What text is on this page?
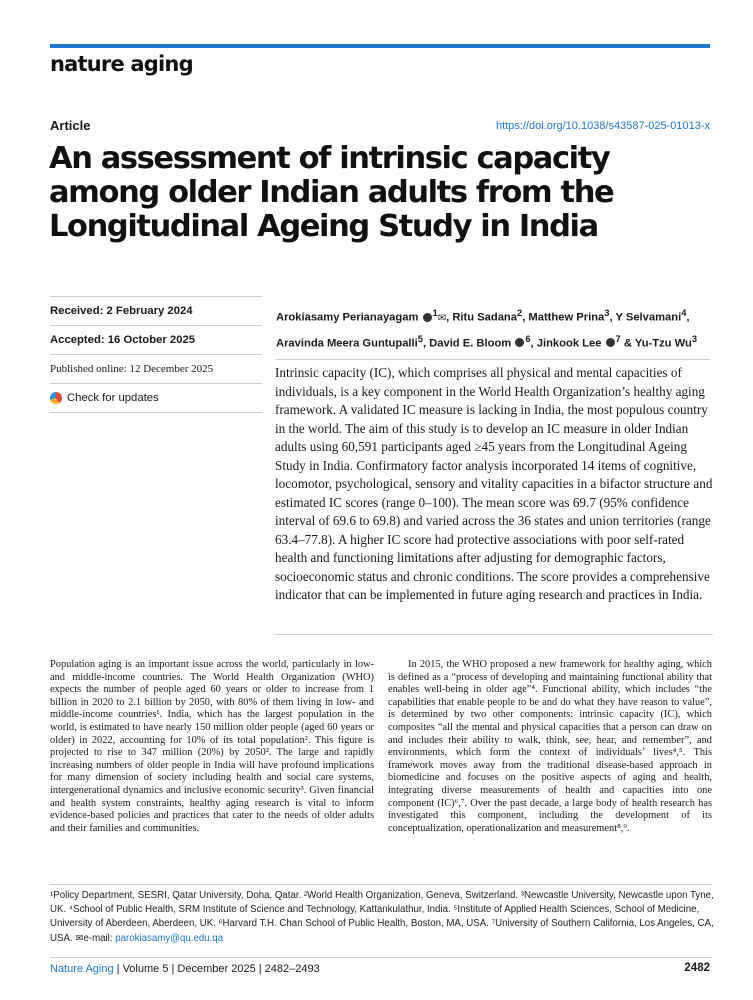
nature aging
Article	https://doi.org/10.1038/s43587-025-01013-x
An assessment of intrinsic capacity among older Indian adults from the Longitudinal Ageing Study in India
Received: 2 February 2024
Accepted: 16 October 2025
Published online: 12 December 2025
Check for updates
Arokiasamy Perianayagam $^1$✉, Ritu Sadana$^2$, Matthew Prina$^3$, Y Selvamani$^4$,
Aravinda Meera Guntupalli$^5$, David E. Bloom $^6$, Jinkook Lee $^7$ & Yu-Tzu Wu$^3$

Intrinsic capacity (IC), which comprises all physical and mental capacities of individuals, is a key component in the World Health Organization’s healthy aging framework. A validated IC measure is lacking in India, the most populous country in the world. The aim of this study is to develop an IC measure in older Indian adults using 60,591 participants aged ≥45 years from the Longitudinal Ageing Study in India. Confirmatory factor analysis incorporated 14 items of cognitive, locomotor, psychological, sensory and vitality capacities in a bifactor structure and estimated IC scores (range 0–100). The mean score was 69.7 (95% confidence interval of 69.6 to 69.8) and varied across the 36 states and union territories (range 63.4–77.8). A higher IC score had protective associations with poor self-rated health and functioning limitations after adjusting for demographic factors, socioeconomic status and chronic conditions. The score provides a comprehensive indicator that can be implemented in future aging research and practices in India.

Population aging is an important issue across the world, particularly in low- and middle-income countries. The World Health Organization (WHO) expects the number of people aged 60 years or older to increase from 1 billion in 2020 to 2.1 billion by 2050, with 80% of them living in low- and middle-income countries¹. India, which has the largest population in the world, is estimated to have nearly 150 million older people (aged 60 years or older) in 2022, accounting for 10% of its total population². This figure is projected to rise to 347 million (20%) by 2050². The large and rapidly increasing numbers of older people in India will have profound implications for many dimension of society including health and social care systems, intergenerational dynamics and inclusive economic security³. Given financial and health system constraints, healthy aging research is vital to inform evidence-based policies and practices that cater to the needs of older adults and their families and communities.

In 2015, the WHO proposed a new framework for healthy aging, which is defined as a “process of developing and maintaining functional ability that enables well-being in older age”⁴. Functional ability, which includes “the capabilities that enable people to be and do what they have reason to value”, is determined by two other components: intrinsic capacity (IC), which composites “all the mental and physical capacities that a person can draw on and includes their ability to walk, think, see, hear, and remember”, and environments, which form the context of individuals’ lives⁴,⁵. This framework moves away from the traditional disease-based approach in biomedicine and focuses on the positive aspects of aging and health, integrating diverse measurements of health and capacities into one component (IC)⁶,⁷. Over the past decade, a large body of health research has investigated this component, including the development of its conceptualization, operationalization and measurement⁸,⁹.

¹Policy Department, SESRI, Qatar University, Doha, Qatar. ²World Health Organization, Geneva, Switzerland. ³Newcastle University, Newcastle upon Tyne, UK. ⁴School of Public Health, SRM Institute of Science and Technology, Kattankulathur, India. ⁵Institute of Applied Health Sciences, School of Medicine, University of Aberdeen, Aberdeen, UK. ⁶Harvard T.H. Chan School of Public Health, Boston, MA, USA. ⁷University of Southern California, Los Angeles, CA, USA. ✉e-mail: parokiasamy@qu.edu.qa

Nature Aging | Volume 5 | December 2025 | 2482–2493	2482
